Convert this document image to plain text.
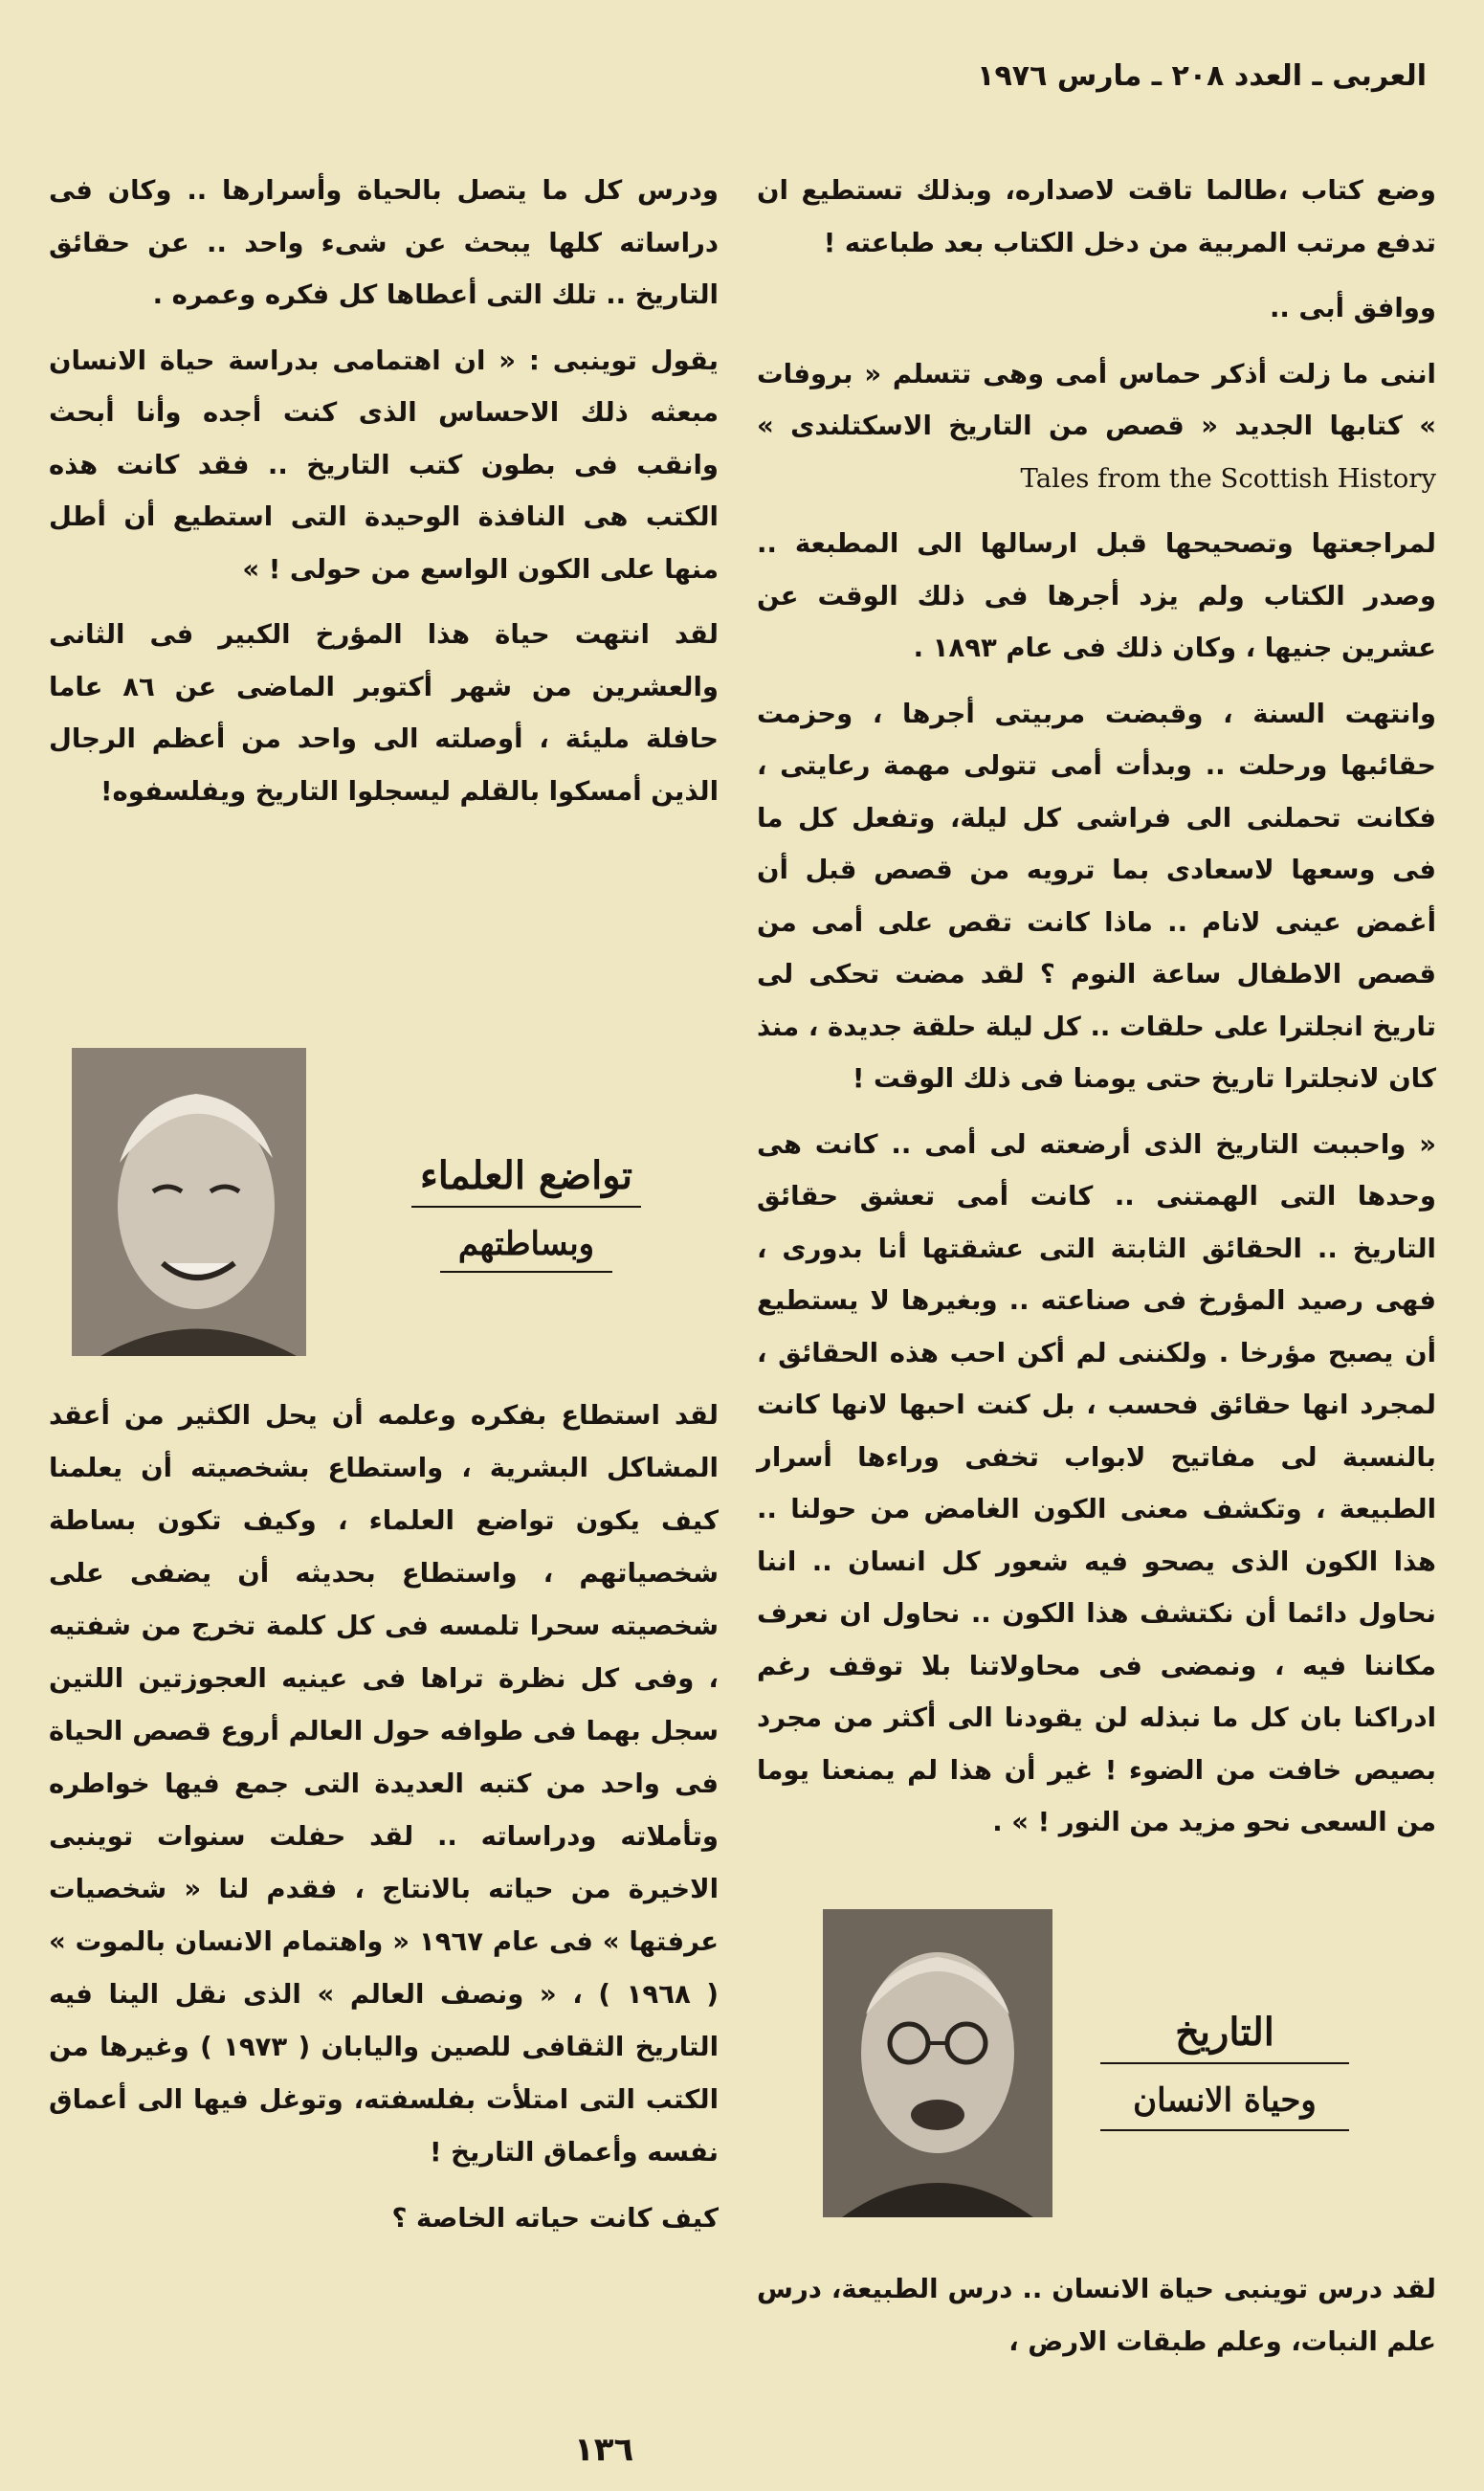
العربى ـ العدد ٢٠٨ ـ مارس ١٩٧٦

وضع كتاب ،طالما تاقت لاصداره، وبذلك تستطيع ان تدفع مرتب المربية من دخل الكتاب بعد طباعته !

ووافق أبى ..

اننى ما زلت أذكر حماس أمى وهى تتسلم « بروفات » كتابها الجديد « قصص من التاريخ الاسكتلندى » Tales from the Scottish History

لمراجعتها وتصحيحها قبل ارسالها الى المطبعة .. وصدر الكتاب ولم يزد أجرها فى ذلك الوقت عن عشرين جنيها ، وكان ذلك فى عام ١٨٩٣ .

وانتهت السنة ، وقبضت مربيتى أجرها ، وحزمت حقائبها ورحلت .. وبدأت أمى تتولى مهمة رعايتى ، فكانت تحملنى الى فراشى كل ليلة، وتفعل كل ما فى وسعها لاسعادى بما ترويه من قصص قبل أن أغمض عينى لانام .. ماذا كانت تقص على أمى من قصص الاطفال ساعة النوم ؟ لقد مضت تحكى لى تاريخ انجلترا على حلقات .. كل ليلة حلقة جديدة ، منذ كان لانجلترا تاريخ حتى يومنا فى ذلك الوقت !

« واحببت التاريخ الذى أرضعته لى أمى .. كانت هى وحدها التى الهمتنى .. كانت أمى تعشق حقائق التاريخ .. الحقائق الثابتة التى عشقتها أنا بدورى ، فهى رصيد المؤرخ فى صناعته .. وبغيرها لا يستطيع أن يصبح مؤرخا . ولكننى لم أكن احب هذه الحقائق ، لمجرد انها حقائق فحسب ، بل كنت احبها لانها كانت بالنسبة لى مفاتيح لابواب تخفى وراءها أسرار الطبيعة ، وتكشف معنى الكون الغامض من حولنا .. هذا الكون الذى يصحو فيه شعور كل انسان .. اننا نحاول دائما أن نكتشف هذا الكون .. نحاول ان نعرف مكاننا فيه ، ونمضى فى محاولاتنا بلا توقف رغم ادراكنا بان كل ما نبذله لن يقودنا الى أكثر من مجرد بصيص خافت من الضوء ! غير أن هذا لم يمنعنا يوما من السعى نحو مزيد من النور ! » .

التاريخ
وحياة الانسان

لقد درس توينبى حياة الانسان .. درس الطبيعة، درس علم النبات، وعلم طبقات الارض ،

ودرس كل ما يتصل بالحياة وأسرارها .. وكان فى دراساته كلها يبحث عن شىء واحد .. عن حقائق التاريخ .. تلك التى أعطاها كل فكره وعمره .

يقول توينبى : « ان اهتمامى بدراسة حياة الانسان مبعثه ذلك الاحساس الذى كنت أجده وأنا أبحث وانقب فى بطون كتب التاريخ .. فقد كانت هذه الكتب هى النافذة الوحيدة التى استطيع أن أطل منها على الكون الواسع من حولى ! »

لقد انتهت حياة هذا المؤرخ الكبير فى الثانى والعشرين من شهر أكتوبر الماضى عن ٨٦ عاما حافلة مليئة ، أوصلته الى واحد من أعظم الرجال الذين أمسكوا بالقلم ليسجلوا التاريخ ويفلسفوه!

تواضع العلماء
وبساطتهم

لقد استطاع بفكره وعلمه أن يحل الكثير من أعقد المشاكل البشرية ، واستطاع بشخصيته أن يعلمنا كيف يكون تواضع العلماء ، وكيف تكون بساطة شخصياتهم ، واستطاع بحديثه أن يضفى على شخصيته سحرا تلمسه فى كل كلمة تخرج من شفتيه ، وفى كل نظرة تراها فى عينيه العجوزتين اللتين سجل بهما فى طوافه حول العالم أروع قصص الحياة فى واحد من كتبه العديدة التى جمع فيها خواطره وتأملاته ودراساته .. لقد حفلت سنوات توينبى الاخيرة من حياته بالانتاج ، فقدم لنا « شخصيات عرفتها » فى عام ١٩٦٧ « واهتمام الانسان بالموت » ( ١٩٦٨ ) ، « ونصف العالم » الذى نقل الينا فيه التاريخ الثقافى للصين واليابان ( ١٩٧٣ ) وغيرها من الكتب التى امتلأت بفلسفته، وتوغل فيها الى أعماق نفسه وأعماق التاريخ !

كيف كانت حياته الخاصة ؟

١٣٦
